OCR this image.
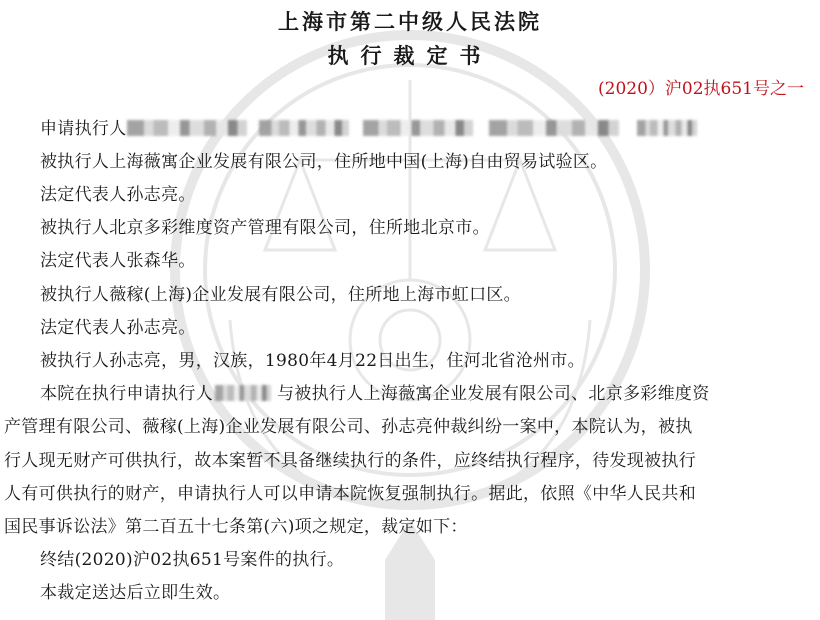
上海市第二中级人民法院
执行裁定书
(2020）沪02执651号之一
申请执行人
被执行人上海薇寓企业发展有限公司，住所地中国(上海)自由贸易试验区。
法定代表人孙志亮。
被执行人北京多彩维度资产管理有限公司，住所地北京市。
法定代表人张森华。
被执行人薇稼(上海)企业发展有限公司，住所地上海市虹口区。
法定代表人孙志亮。
被执行人孙志亮，男，汉族，1980年4月22日出生，住河北省沧州市。
本院在执行申请执行人	与被执行人上海薇寓企业发展有限公司、北京多彩维度资
产管理有限公司、薇稼(上海)企业发展有限公司、孙志亮仲裁纠纷一案中，本院认为，被执
行人现无财产可供执行，故本案暂不具备继续执行的条件，应终结执行程序，待发现被执行
人有可供执行的财产，申请执行人可以申请本院恢复强制执行。据此，依照《中华人民共和
国民事诉讼法》第二百五十七条第(六)项之规定，裁定如下：
终结(2020)沪02执651号案件的执行。
本裁定送达后立即生效。
